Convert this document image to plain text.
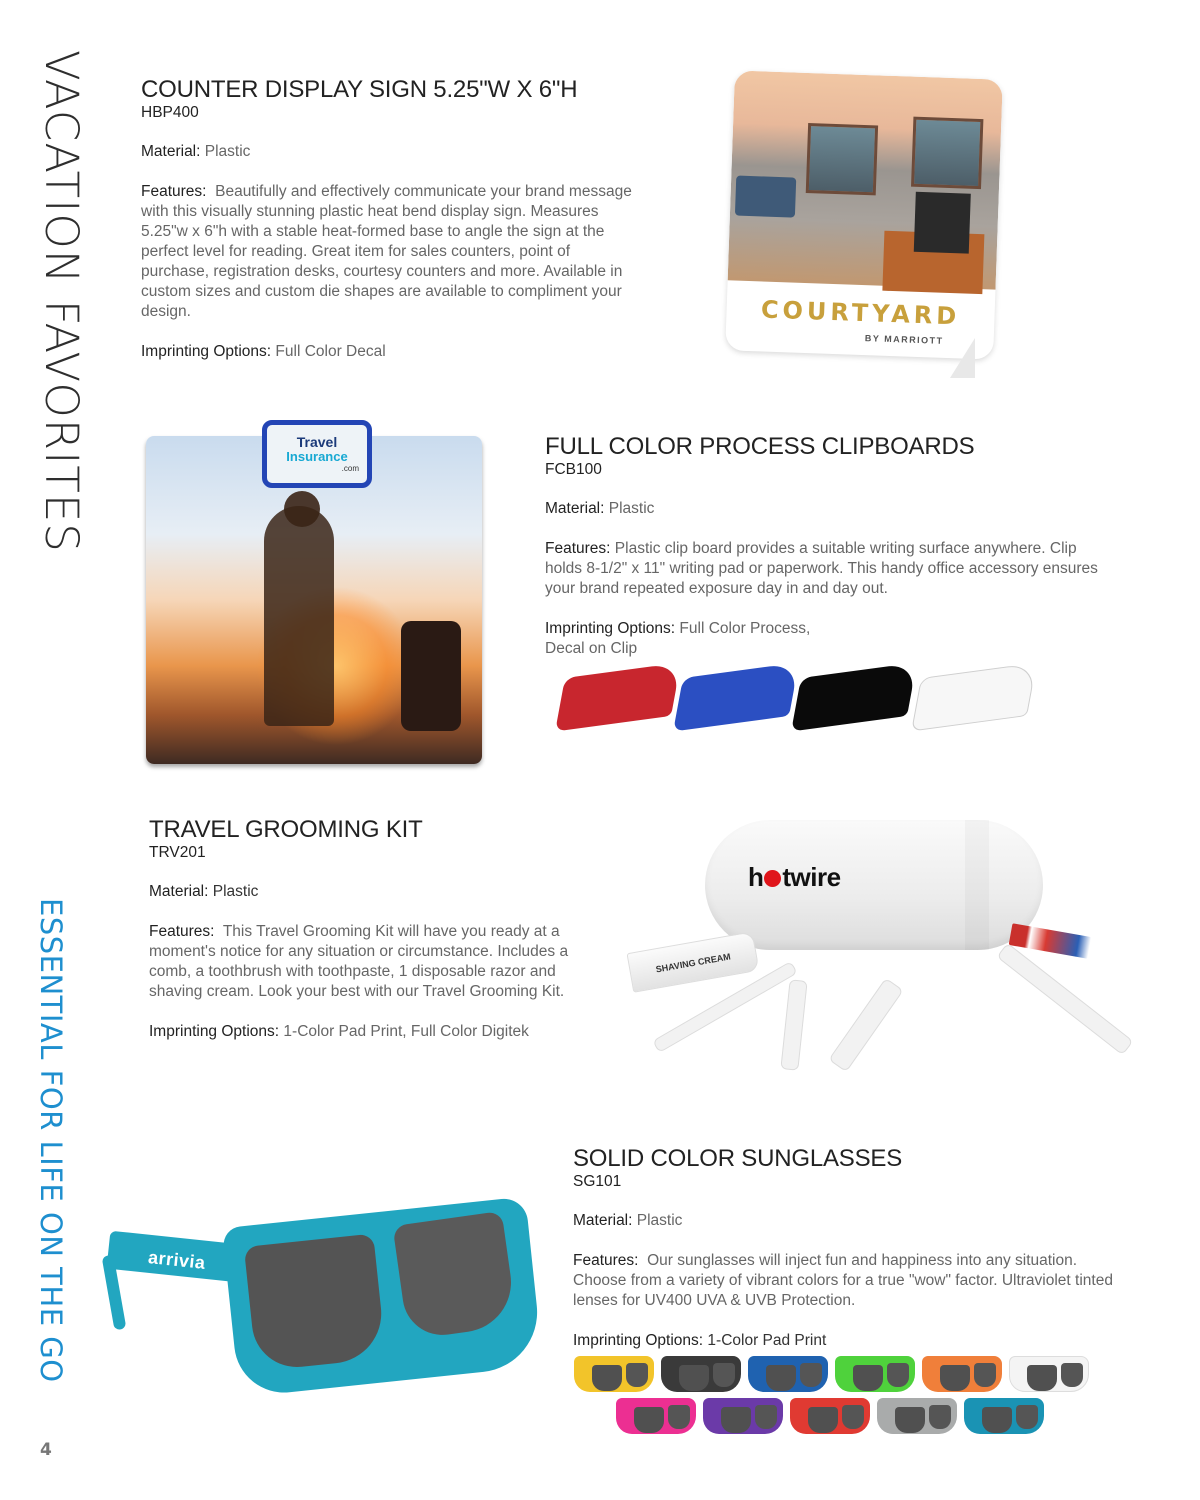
VACATION FAVORITES
ESSENTIAL FOR LIFE ON THE GO
4
COUNTER DISPLAY SIGN 5.25"W X 6"H
HBP400
Material: Plastic
Features: Beautifully and effectively communicate your brand message with this visually stunning plastic heat bend display sign. Measures 5.25"w x 6"h with a stable heat-formed base to angle the sign at the perfect level for reading. Great item for sales counters, point of purchase, registration desks, courtesy counters and more. Available in custom sizes and custom die shapes are available to compliment your design.
Imprinting Options: Full Color Decal
COURTYARD
BY MARRIOTT
Travel
Insurance
.com
FULL COLOR PROCESS CLIPBOARDS
FCB100
Material: Plastic
Features: Plastic clip board provides a suitable writing surface anywhere. Clip holds 8-1/2" x 11" writing pad or paperwork. This handy office accessory ensures your brand repeated exposure day in and day out.
Imprinting Options: Full Color Process,
Decal on Clip
TRAVEL GROOMING KIT
TRV201
Material: Plastic
Features: This Travel Grooming Kit will have you ready at a moment's notice for any situation or circumstance. Includes a comb, a toothbrush with toothpaste, 1 disposable razor and shaving cream. Look your best with our Travel Grooming Kit.
Imprinting Options: 1-Color Pad Print, Full Color Digitek
h twire
SHAVING CREAM
arrivia
SOLID COLOR SUNGLASSES
SG101
Material: Plastic
Features: Our sunglasses will inject fun and happiness into any situation. Choose from a variety of vibrant colors for a true "wow" factor. Ultraviolet tinted lenses for UV400 UVA & UVB Protection.
Imprinting Options: 1-Color Pad Print
